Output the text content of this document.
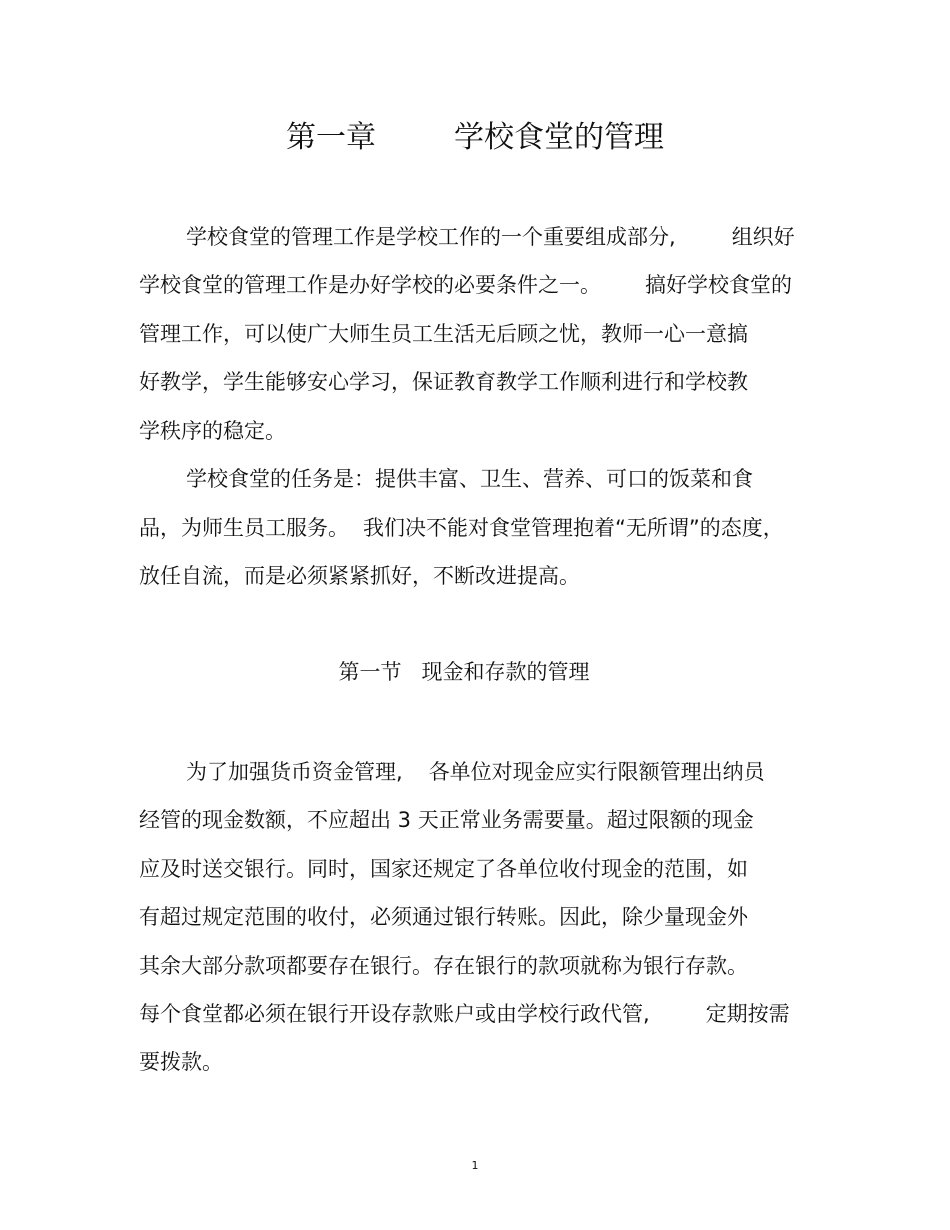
第一章	学校食堂的管理
学校食堂的管理工作是学校工作的一个重要组成部分,	组织好
学校食堂的管理工作是办好学校的必要条件之一。 搞好学校食堂的
管理工作，可以使广大师生员工生活无后顾之忧，教师一心一意搞
好教学，学生能够安心学习，保证教育教学工作顺利进行和学校教
学秩序的稳定。
学校食堂的任务是：提供丰富、卫生、营养、可口的饭菜和食
品，为师生员工服务。 我们决不能对食堂管理抱着“无所谓”的态度，
放任自流，而是必须紧紧抓好，不断改进提高。
第一节 现金和存款的管理
为了加强货币资金管理, 各单位对现金应实行限额管理出纳员
经管的现金数额，不应超出 3 天正常业务需要量。超过限额的现金
应及时送交银行。同时，国家还规定了各单位收付现金的范围，如
有超过规定范围的收付，必须通过银行转账。因此，除少量现金外
其余大部分款项都要存在银行。存在银行的款项就称为银行存款。
每个食堂都必须在银行开设存款账户或由学校行政代管,	定期按需
要拨款。
1
